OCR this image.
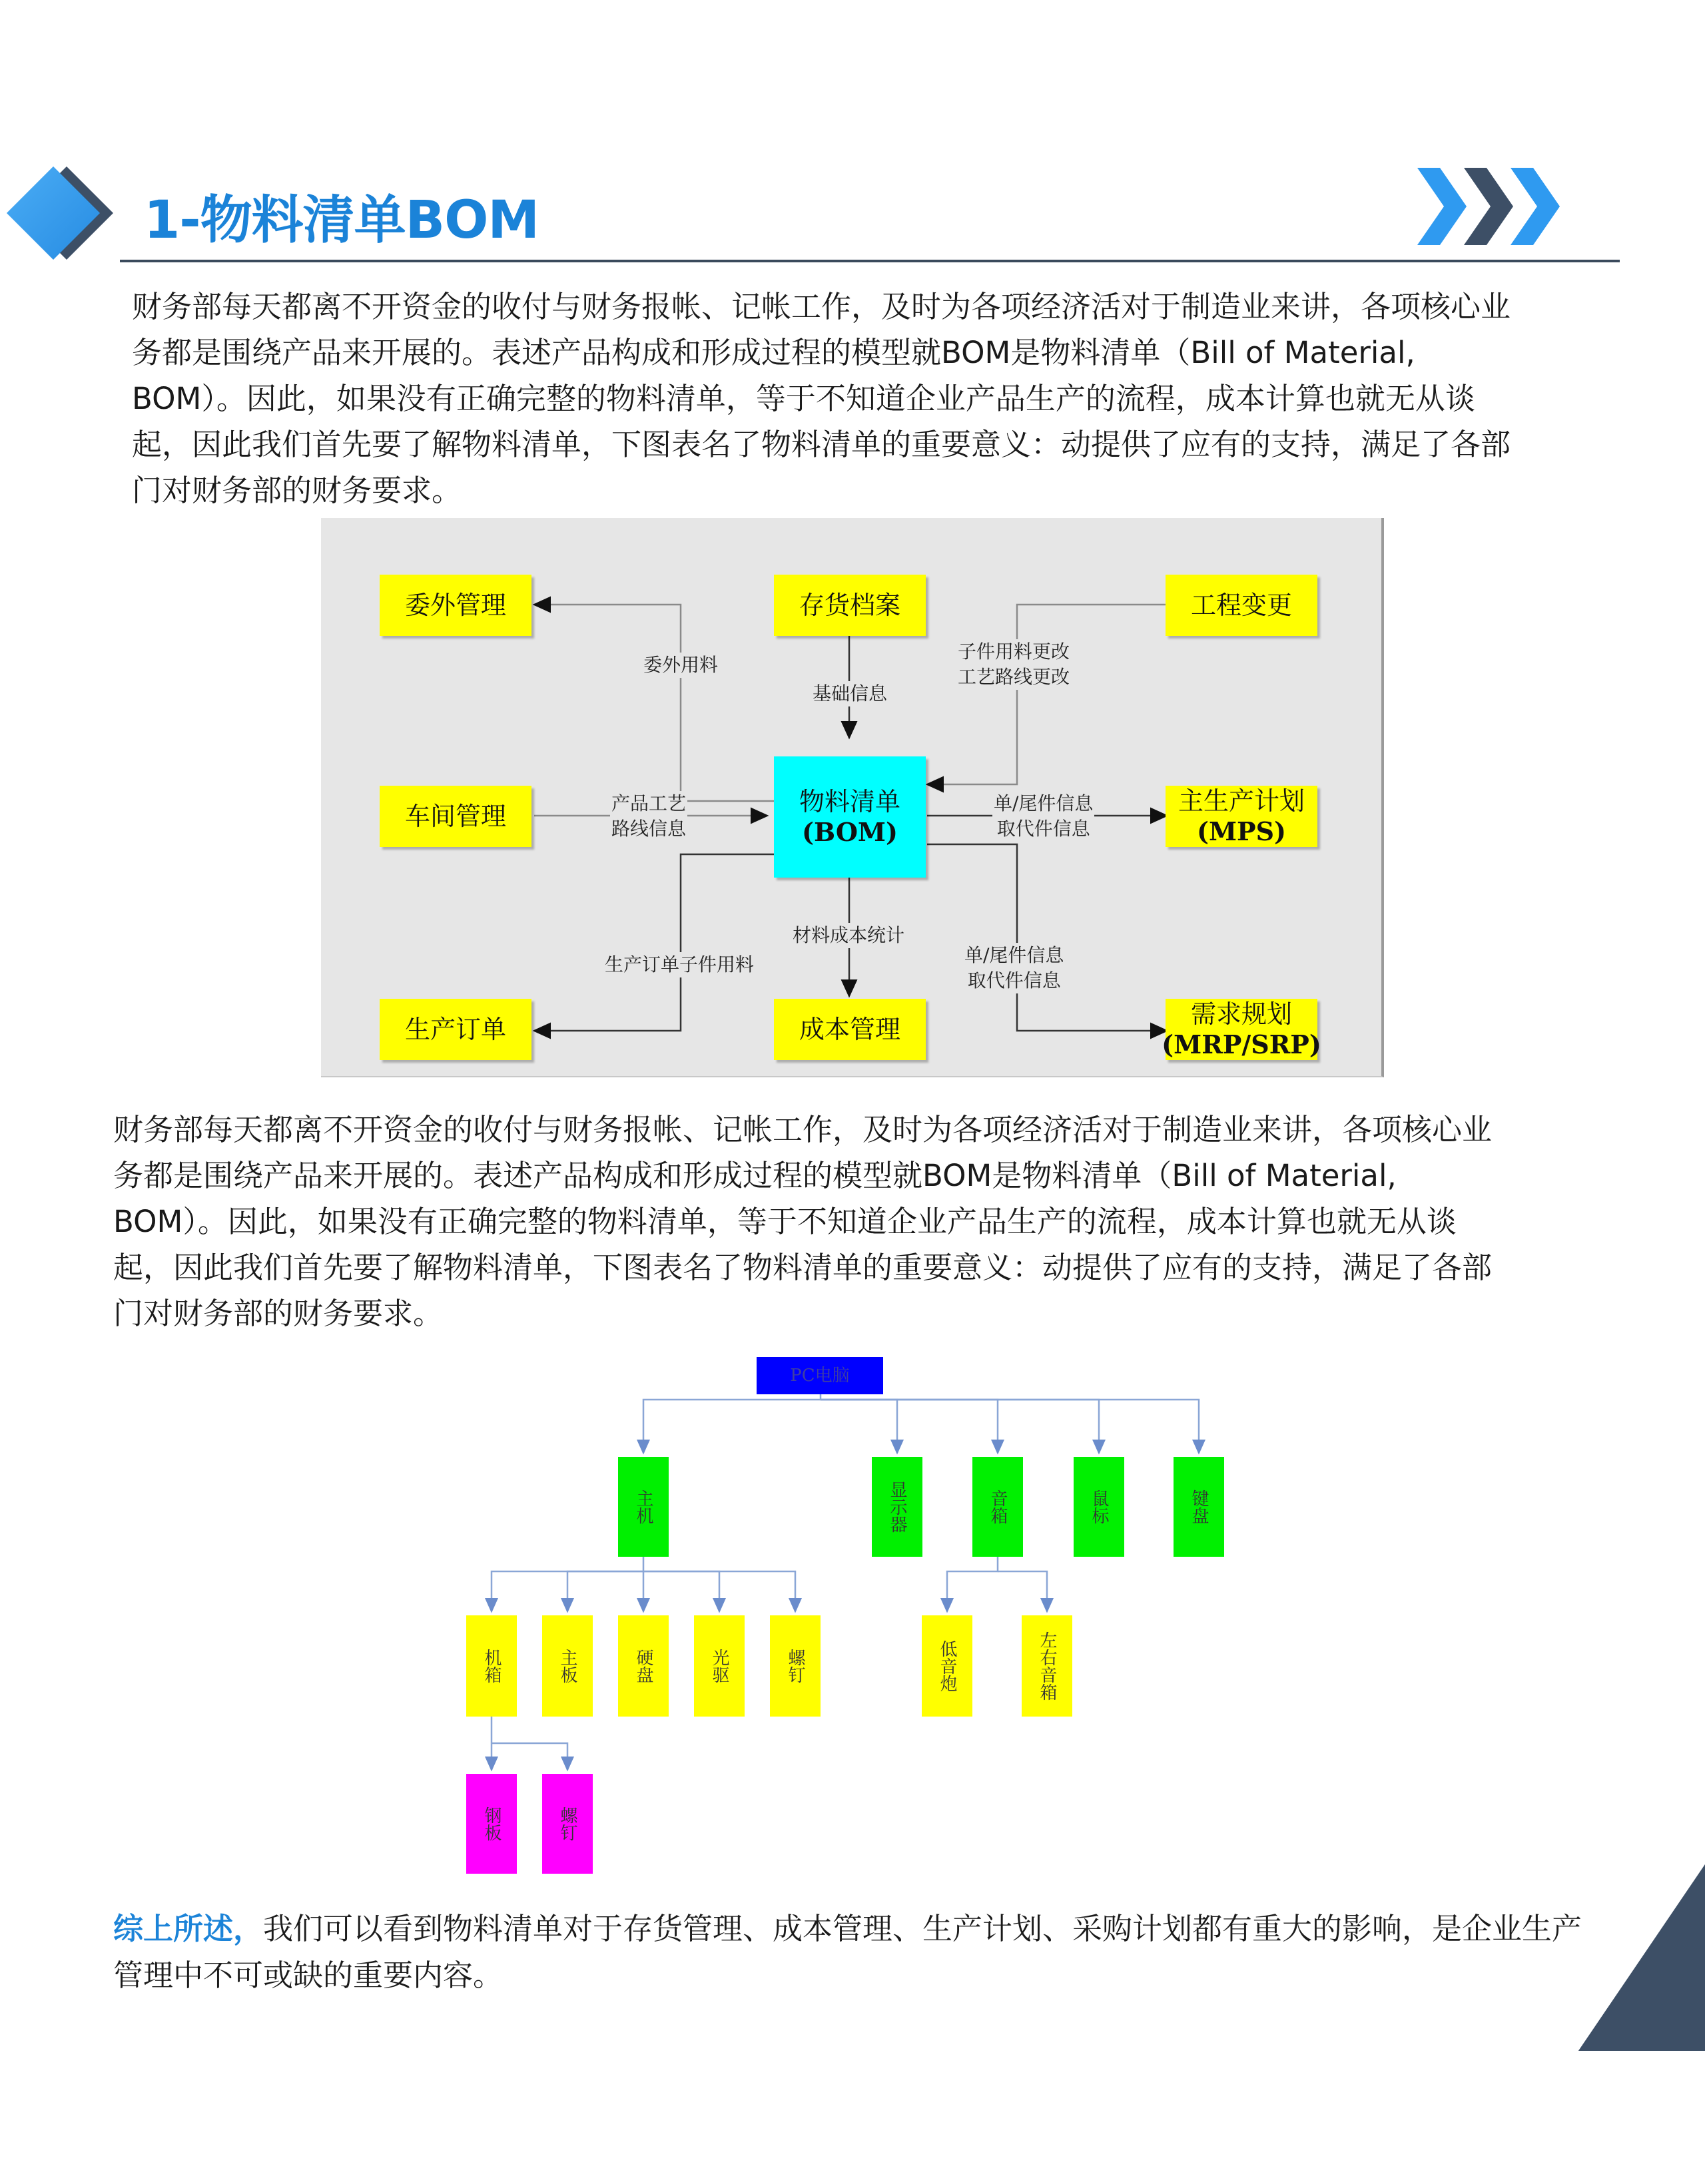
1-物料清单BOM
财务部每天都离不开资金的收付与财务报帐、记帐工作，及时为各项经济活对于制造业来讲，各项核心业
务都是围绕产品来开展的。表述产品构成和形成过程的模型就BOM是物料清单（Bill of Material,
BOM）。因此，如果没有正确完整的物料清单，等于不知道企业产品生产的流程，成本计算也就无从谈
起，因此我们首先要了解物料清单，下图表名了物料清单的重要意义：动提供了应有的支持，满足了各部
门对财务部的财务要求。
委外管理	存货档案	工程变更
车间管理	物料清单
(BOM)
主生产计划
(MPS)
生产订单	成本管理
需求规划
(MRP/SRP)
委外用料
基础信息
子件用料更改
工艺路线更改
产品工艺
路线信息
单/尾件信息
取代件信息
材料成本统计
生产订单子件用料	单/尾件信息
取代件信息
财务部每天都离不开资金的收付与财务报帐、记帐工作，及时为各项经济活对于制造业来讲，各项核心业
务都是围绕产品来开展的。表述产品构成和形成过程的模型就BOM是物料清单（Bill of Material,
BOM）。因此，如果没有正确完整的物料清单，等于不知道企业产品生产的流程，成本计算也就无从谈
起，因此我们首先要了解物料清单，下图表名了物料清单的重要意义：动提供了应有的支持，满足了各部
门对财务部的财务要求。
PC电脑
主机	显示器	音箱	鼠标	键盘
机箱	主板	硬盘	光驱	螺钉	低音炮	左右音箱
钢板	螺钉

综上所述，我们可以看到物料清单对于存货管理、成本管理、生产计划、采购计划都有重大的影响，是企业生产管理中不可或缺的重要内容。
